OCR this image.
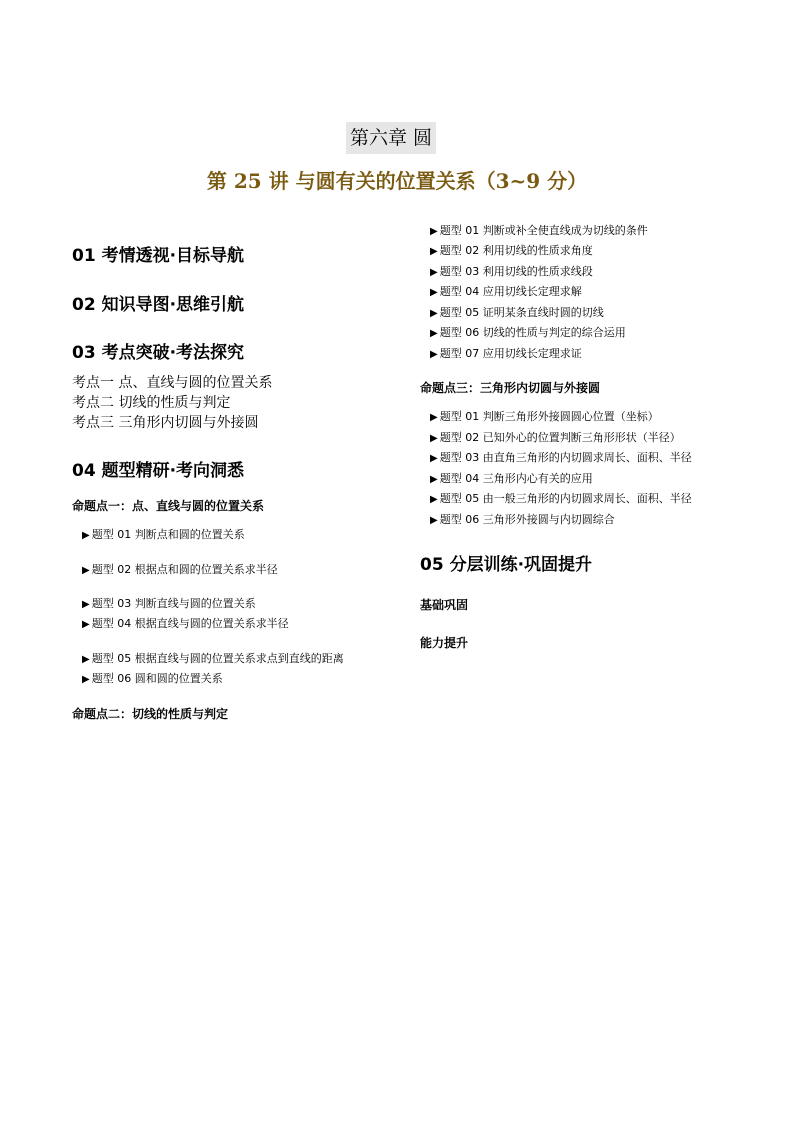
第六章 圆
第 25 讲 与圆有关的位置关系（3~9 分）
01 考情透视·目标导航
02 知识导图·思维引航
03 考点突破·考法探究
考点一 点、直线与圆的位置关系
考点二 切线的性质与判定
考点三 三角形内切圆与外接圆
04 题型精研·考向洞悉
命题点一：点、直线与圆的位置关系
▶ 题型 01 判断点和圆的位置关系
▶ 题型 02 根据点和圆的位置关系求半径
▶ 题型 03 判断直线与圆的位置关系
▶ 题型 04 根据直线与圆的位置关系求半径
▶ 题型 05 根据直线与圆的位置关系求点到直线的距离
▶ 题型 06 圆和圆的位置关系
命题点二：切线的性质与判定
▶ 题型 01 判断或补全使直线成为切线的条件
▶ 题型 02 利用切线的性质求角度
▶ 题型 03 利用切线的性质求线段
▶ 题型 04 应用切线长定理求解
▶ 题型 05 证明某条直线时圆的切线
▶ 题型 06 切线的性质与判定的综合运用
▶ 题型 07 应用切线长定理求证
命题点三：三角形内切圆与外接圆
▶ 题型 01 判断三角形外接圆圆心位置（坐标）
▶ 题型 02 已知外心的位置判断三角形形状（半径）
▶ 题型 03 由直角三角形的内切圆求周长、面积、半径
▶ 题型 04 三角形内心有关的应用
▶ 题型 05 由一般三角形的内切圆求周长、面积、半径
▶ 题型 06 三角形外接圆与内切圆综合
05 分层训练·巩固提升
基础巩固
能力提升
